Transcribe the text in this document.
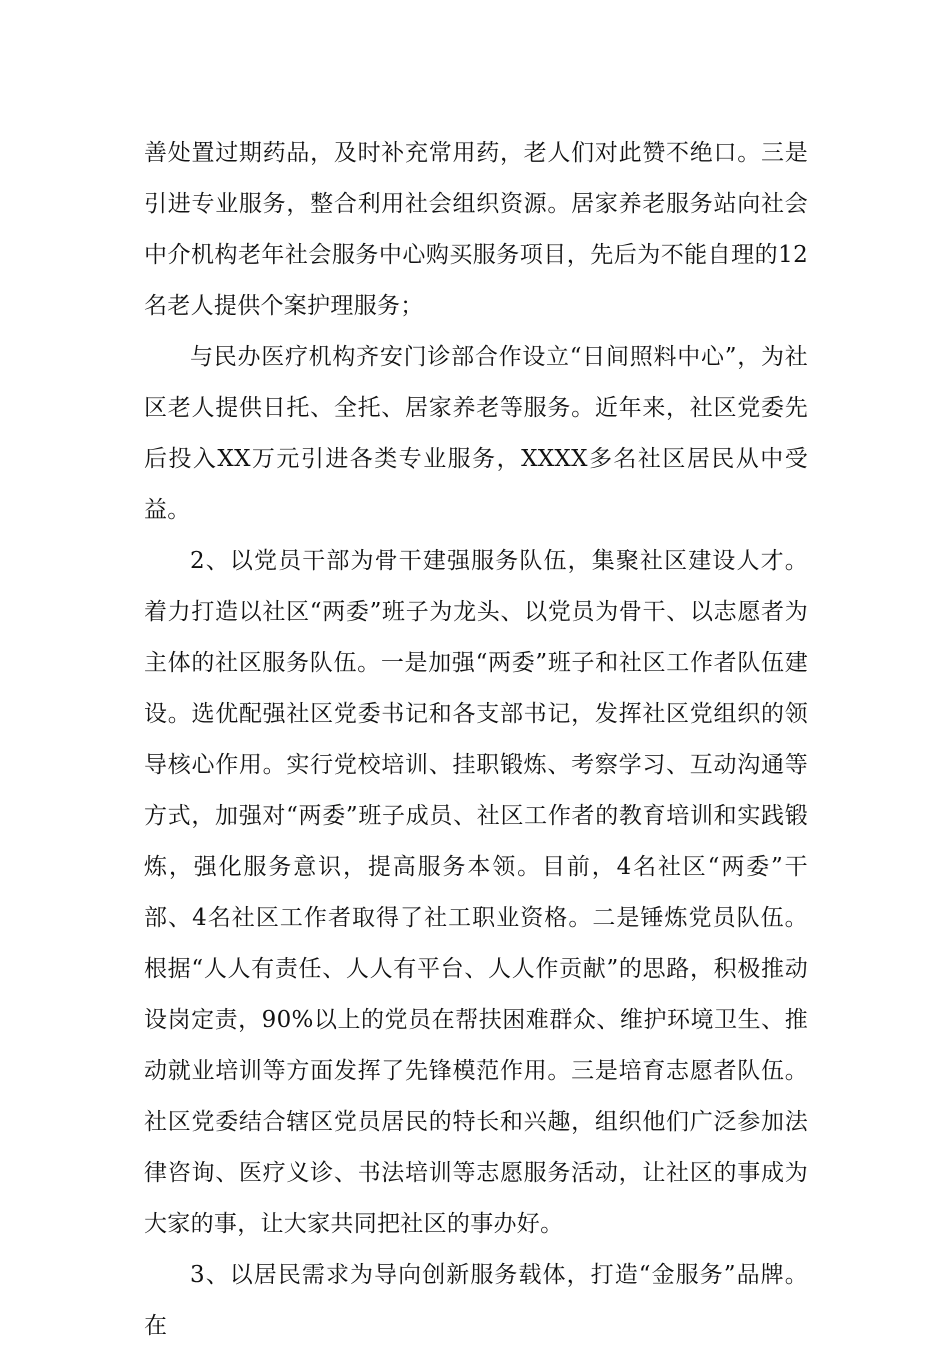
善处置过期药品，及时补充常用药，老人们对此赞不绝口。三是引进专业服务，整合利用社会组织资源。居家养老服务站向社会中介机构老年社会服务中心购买服务项目，先后为不能自理的12名老人提供个案护理服务；

与民办医疗机构齐安门诊部合作设立“日间照料中心”，为社区老人提供日托、全托、居家养老等服务。近年来，社区党委先后投入XX万元引进各类专业服务，XXXX多名社区居民从中受益。

2、以党员干部为骨干建强服务队伍，集聚社区建设人才。着力打造以社区“两委”班子为龙头、以党员为骨干、以志愿者为主体的社区服务队伍。一是加强“两委”班子和社区工作者队伍建设。选优配强社区党委书记和各支部书记，发挥社区党组织的领导核心作用。实行党校培训、挂职锻炼、考察学习、互动沟通等方式，加强对“两委”班子成员、社区工作者的教育培训和实践锻炼，强化服务意识，提高服务本领。目前，4名社区“两委”干部、4名社区工作者取得了社工职业资格。二是锤炼党员队伍。根据“人人有责任、人人有平台、人人作贡献”的思路，积极推动设岗定责，90%以上的党员在帮扶困难群众、维护环境卫生、推动就业培训等方面发挥了先锋模范作用。三是培育志愿者队伍。社区党委结合辖区党员居民的特长和兴趣，组织他们广泛参加法律咨询、医疗义诊、书法培训等志愿服务活动，让社区的事成为大家的事，让大家共同把社区的事办好。

3、以居民需求为导向创新服务载体，打造“金服务”品牌。在
